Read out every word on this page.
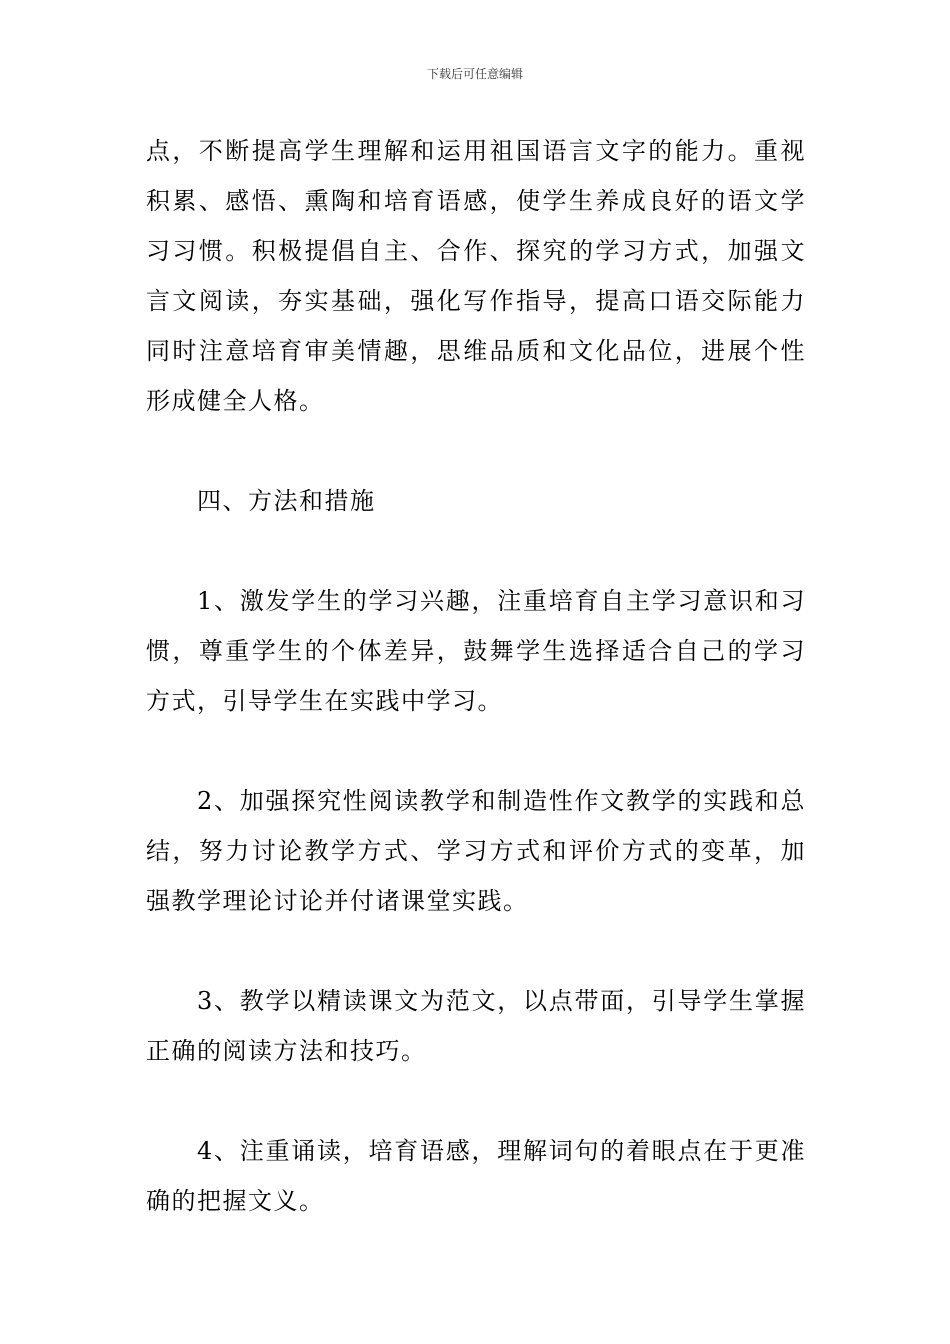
下载后可任意编辑

点，不断提高学生理解和运用祖国语言文字的能力。重视积累、感悟、熏陶和培育语感，使学生养成良好的语文学习习惯。积极提倡自主、合作、探究的学习方式，加强文言文阅读，夯实基础，强化写作指导，提高口语交际能力同时注意培育审美情趣，思维品质和文化品位，进展个性形成健全人格。

四、方法和措施

1、激发学生的学习兴趣，注重培育自主学习意识和习惯，尊重学生的个体差异，鼓舞学生选择适合自己的学习方式，引导学生在实践中学习。

2、加强探究性阅读教学和制造性作文教学的实践和总结，努力讨论教学方式、学习方式和评价方式的变革，加强教学理论讨论并付诸课堂实践。

3、教学以精读课文为范文，以点带面，引导学生掌握正确的阅读方法和技巧。

4、注重诵读，培育语感，理解词句的着眼点在于更准确的把握文义。
